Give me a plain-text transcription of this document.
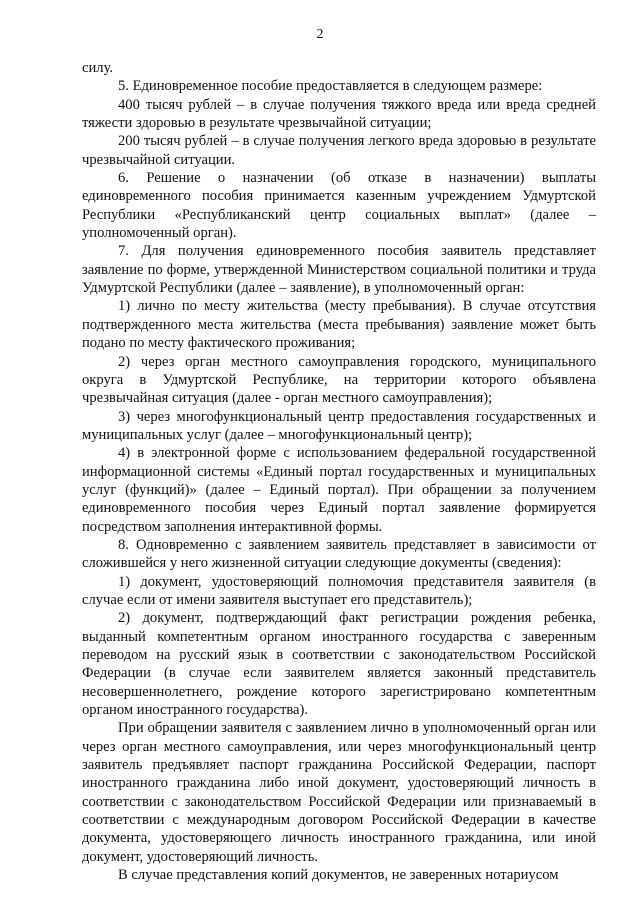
2

силу.

5. Единовременное пособие предоставляется в следующем размере:

400 тысяч рублей – в случае получения тяжкого вреда или вреда средней тяжести здоровью в результате чрезвычайной ситуации;

200 тысяч рублей – в случае получения легкого вреда здоровью в результате чрезвычайной ситуации.

6. Решение о назначении (об отказе в назначении) выплаты единовременного пособия принимается казенным учреждением Удмуртской Республики «Республиканский центр социальных выплат» (далее – уполномоченный орган).

7. Для получения единовременного пособия заявитель представляет заявление по форме, утвержденной Министерством социальной политики и труда Удмуртской Республики (далее – заявление), в уполномоченный орган:

1) лично по месту жительства (месту пребывания). В случае отсутствия подтвержденного места жительства (места пребывания) заявление может быть подано по месту фактического проживания;

2) через орган местного самоуправления городского, муниципального округа в Удмуртской Республике, на территории которого объявлена чрезвычайная ситуация (далее - орган местного самоуправления);

3) через многофункциональный центр предоставления государственных и муниципальных услуг (далее – многофункциональный центр);

4) в электронной форме с использованием федеральной государственной информационной системы «Единый портал государственных и муниципальных услуг (функций)» (далее – Единый портал). При обращении за получением единовременного пособия через Единый портал заявление формируется посредством заполнения интерактивной формы.

8. Одновременно с заявлением заявитель представляет в зависимости от сложившейся у него жизненной ситуации следующие документы (сведения):

1) документ, удостоверяющий полномочия представителя заявителя (в случае если от имени заявителя выступает его представитель);

2) документ, подтверждающий факт регистрации рождения ребенка, выданный компетентным органом иностранного государства с заверенным переводом на русский язык в соответствии с законодательством Российской Федерации (в случае если заявителем является законный представитель несовершеннолетнего, рождение которого зарегистрировано компетентным органом иностранного государства).

При обращении заявителя с заявлением лично в уполномоченный орган или через орган местного самоуправления, или через многофункциональный центр заявитель предъявляет паспорт гражданина Российской Федерации, паспорт иностранного гражданина либо иной документ, удостоверяющий личность в соответствии с законодательством Российской Федерации или признаваемый в соответствии с международным договором Российской Федерации в качестве документа, удостоверяющего личность иностранного гражданина, или иной документ, удостоверяющий личность.

В случае представления копий документов, не заверенных нотариусом
